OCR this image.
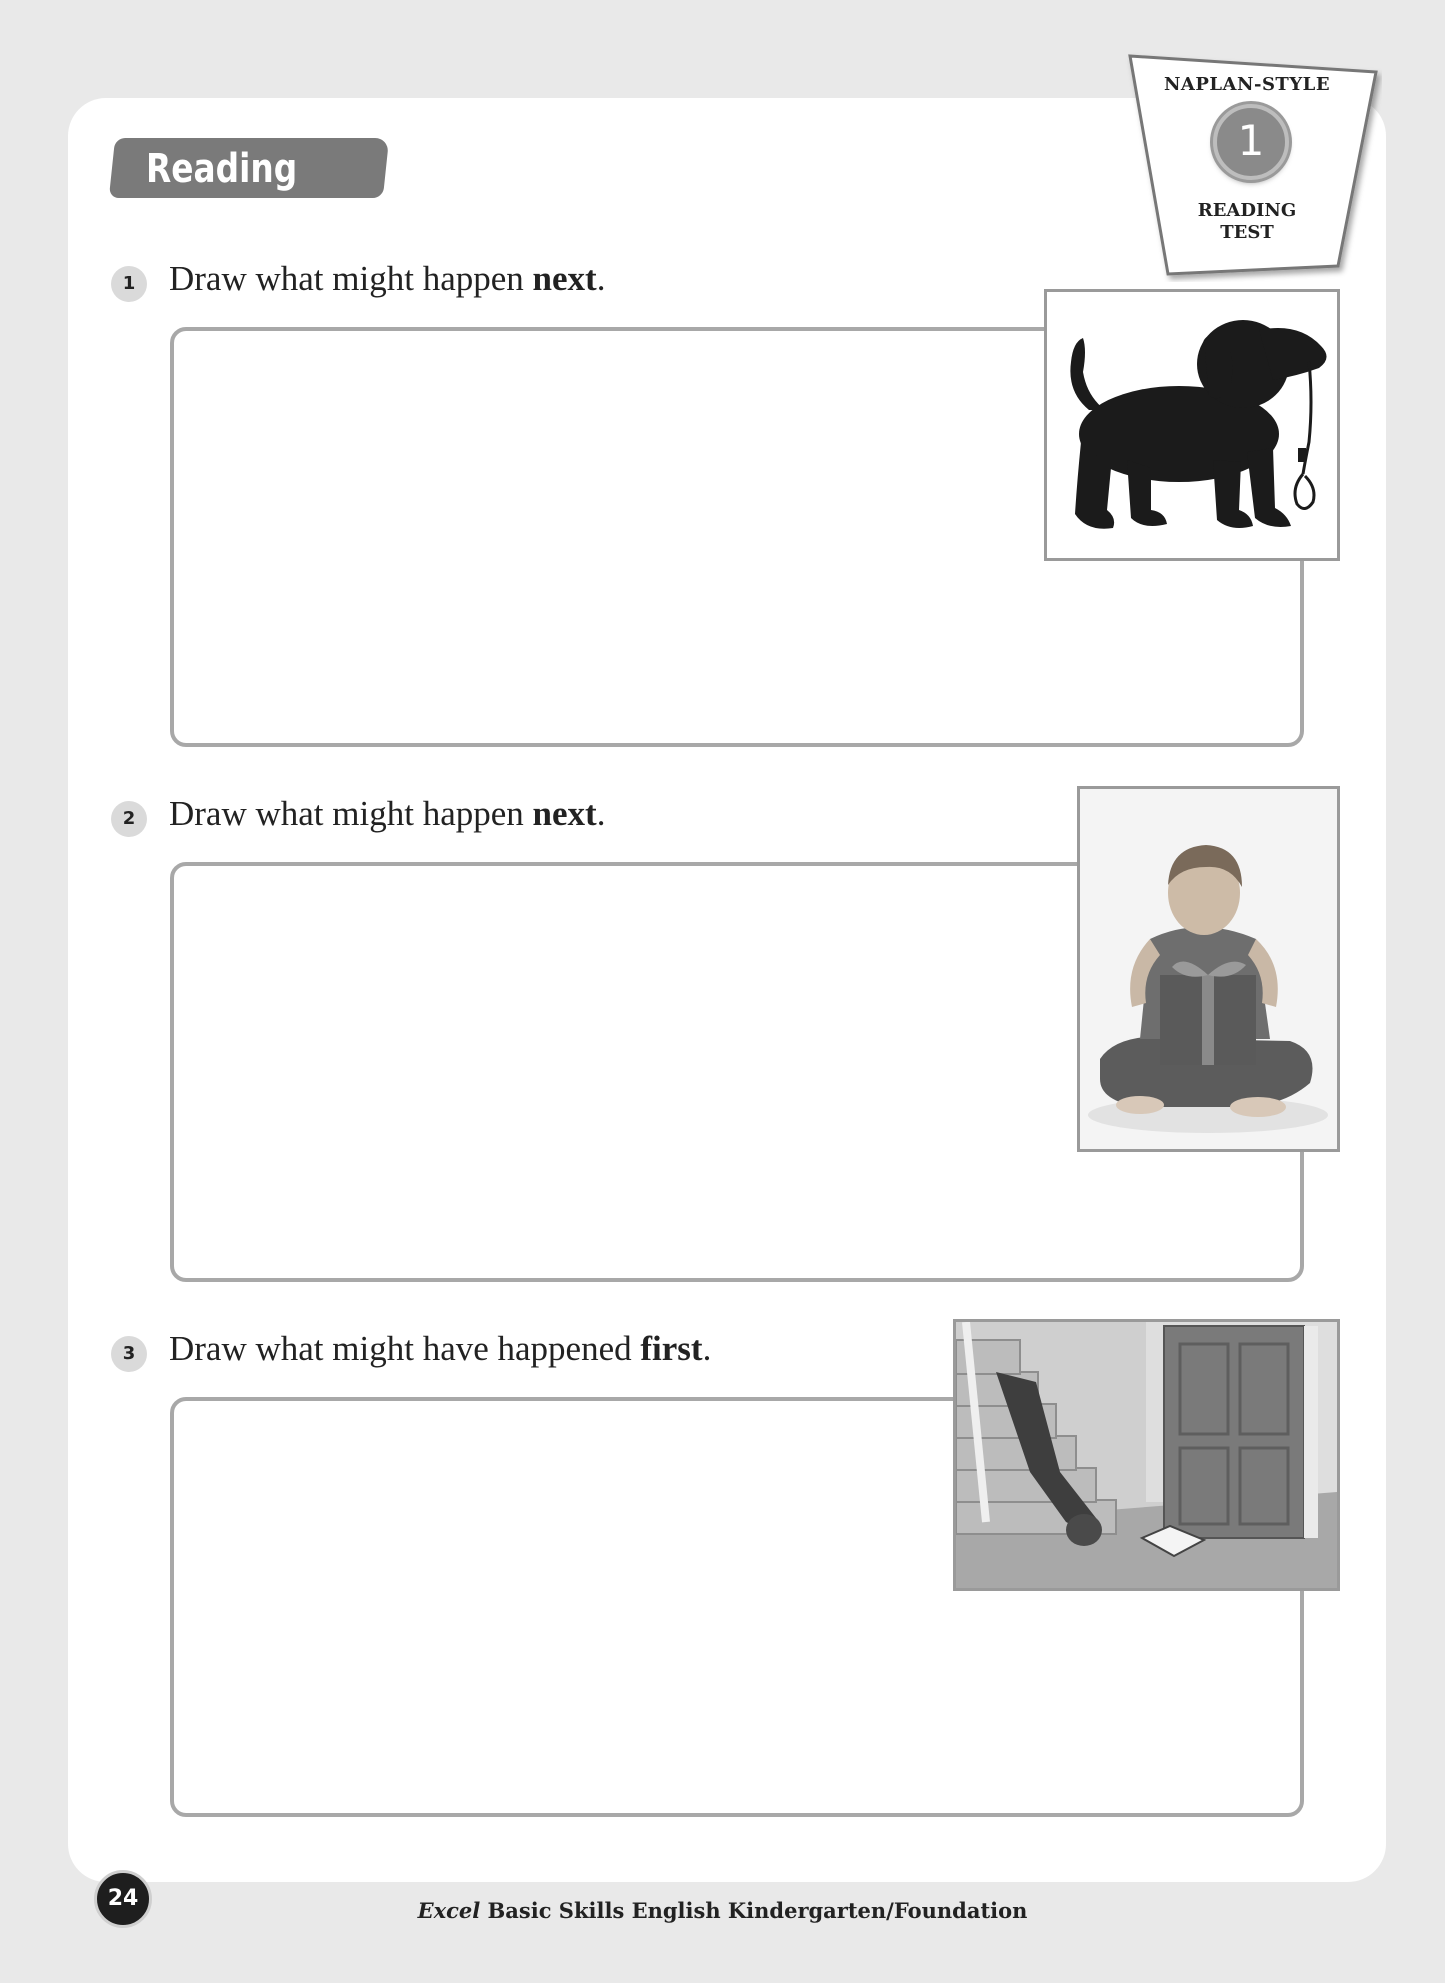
Reading
NAPLAN-STYLE
1
READING
TEST
1 Draw what might happen next.
2 Draw what might happen next.
3 Draw what might have happened first.
24	Excel Basic Skills English Kindergarten/Foundation
